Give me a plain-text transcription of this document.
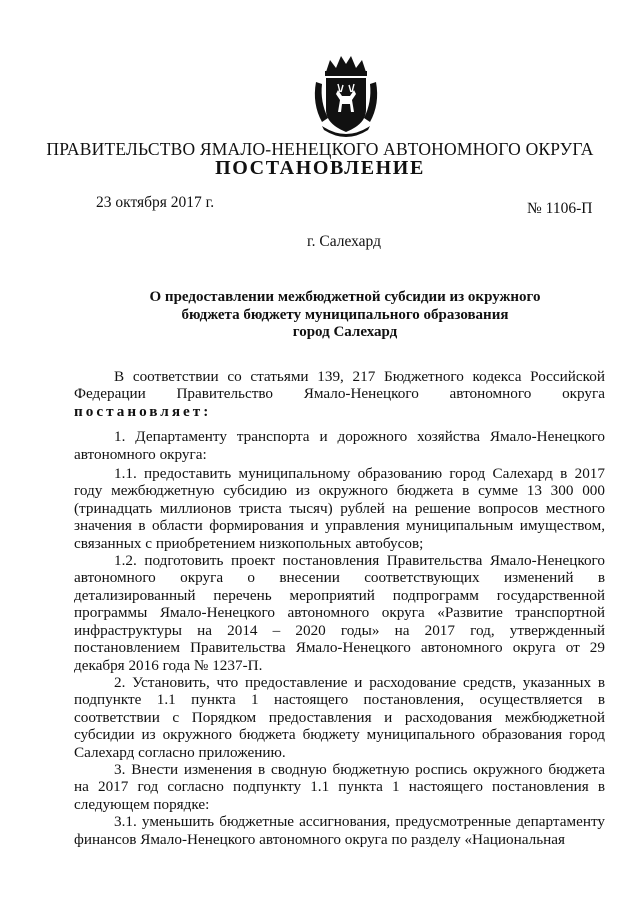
ПРАВИТЕЛЬСТВО ЯМАЛО-НЕНЕЦКОГО АВТОНОМНОГО ОКРУГА
ПОСТАНОВЛЕНИЕ
23 октября 2017 г.	№ 1106-П
г. Салехард
О предоставлении межбюджетной субсидии из окружного
бюджета бюджету муниципального образования
город Салехард

В соответствии со статьями 139, 217 Бюджетного кодекса Российской Федерации Правительство Ямало-Ненецкого автономного округа постановляет:

1. Департаменту транспорта и дорожного хозяйства Ямало-Ненецкого автономного округа:

1.1. предоставить муниципальному образованию город Салехард в 2017 году межбюджетную субсидию из окружного бюджета в сумме 13 300 000 (тринадцать миллионов триста тысяч) рублей на решение вопросов местного значения в области формирования и управления муниципальным имуществом, связанных с приобретением низкопольных автобусов;

1.2. подготовить проект постановления Правительства Ямало-Ненецкого автономного округа о внесении соответствующих изменений в детализированный перечень мероприятий подпрограмм государственной программы Ямало-Ненецкого автономного округа «Развитие транспортной инфраструктуры на 2014 – 2020 годы» на 2017 год, утвержденный постановлением Правительства Ямало-Ненецкого автономного округа от 29 декабря 2016 года № 1237-П.

2. Установить, что предоставление и расходование средств, указанных в подпункте 1.1 пункта 1 настоящего постановления, осуществляется в соответствии с Порядком предоставления и расходования межбюджетной субсидии из окружного бюджета бюджету муниципального образования город Салехард согласно приложению.

3. Внести изменения в сводную бюджетную роспись окружного бюджета на 2017 год согласно подпункту 1.1 пункта 1 настоящего постановления в следующем порядке:

3.1. уменьшить бюджетные ассигнования, предусмотренные департаменту финансов Ямало-Ненецкого автономного округа по разделу «Национальная
